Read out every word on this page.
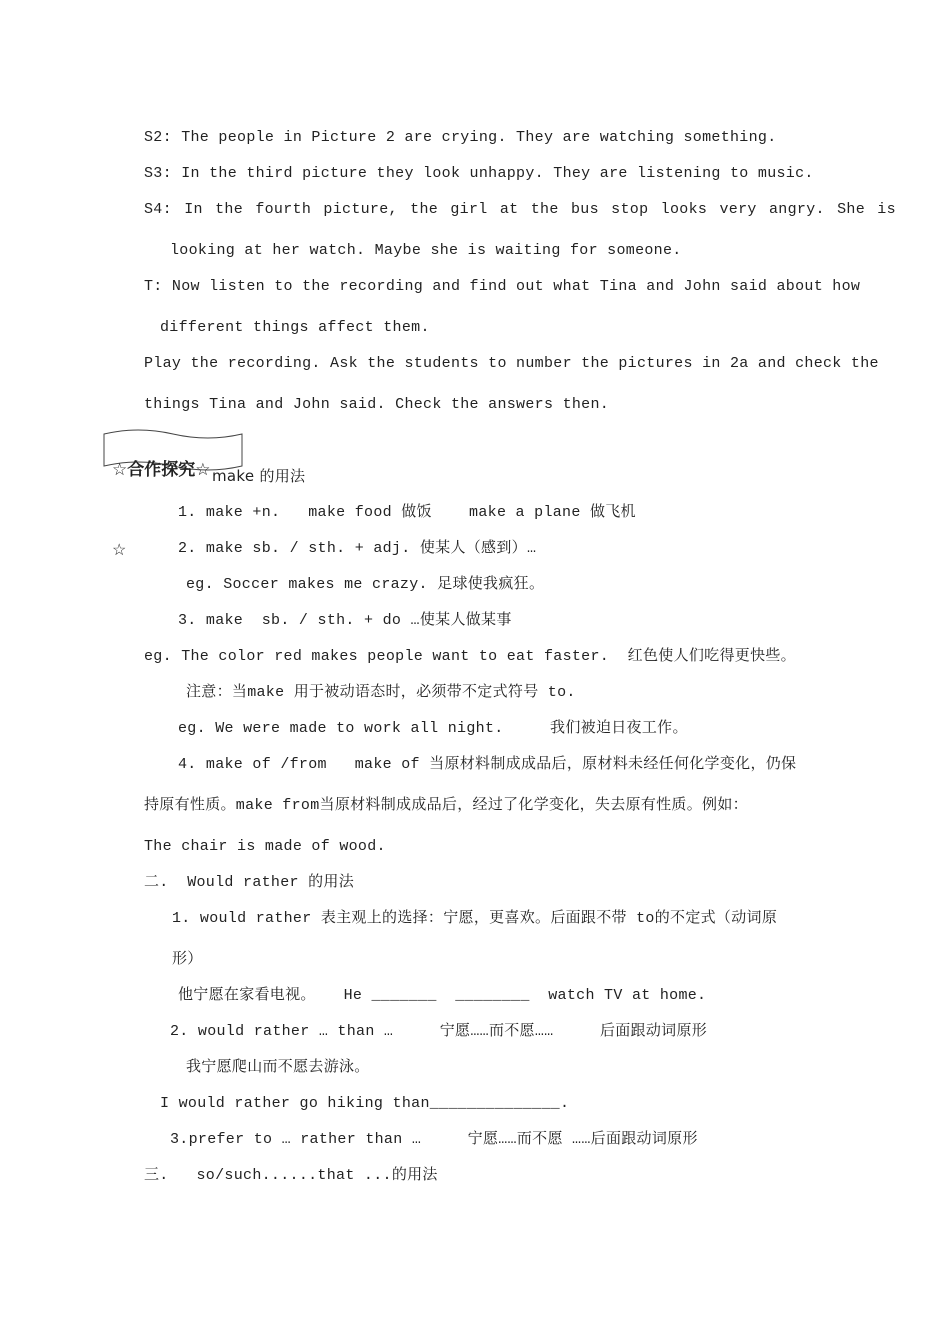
S2: The people in Picture 2 are crying. They are watching something.
S3: In the third picture they look unhappy. They are listening to music.
S4: In the fourth picture, the girl at the bus stop looks very angry. She is
looking at her watch. Maybe she is waiting for someone.
T: Now listen to the recording and find out what Tina and John said about how
different things affect them.
Play the recording. Ask the students to number the pictures in 2a and check the
things Tina and John said. Check the answers then.
☆合作探究☆ make 的用法
1. make +n.   make food 做饭    make a plane 做飞机
☆	2. make sb. / sth. + adj. 使某人（感到）…
eg. Soccer makes me crazy. 足球使我疯狂。
3. make  sb. / sth. + do …使某人做某事
eg. The color red makes people want to eat faster.  红色使人们吃得更快些。
注意：当make 用于被动语态时，必须带不定式符号 to.
eg. We were made to work all night.     我们被迫日夜工作。
4. make of /from   make of 当原材料制成成品后，原材料未经任何化学变化，仍保
持原有性质。make from当原材料制成成品后，经过了化学变化，失去原有性质。例如：
The chair is made of wood.
二.  Would rather 的用法
1. would rather 表主观上的选择：宁愿，更喜欢。后面跟不带 to的不定式（动词原
形）
他宁愿在家看电视。   He _______  ________  watch TV at home.
2. would rather … than …     宁愿……而不愿……     后面跟动词原形
我宁愿爬山而不愿去游泳。
I would rather go hiking than______________.
3.prefer to … rather than …     宁愿……而不愿 ……后面跟动词原形
三.   so/such......that ...的用法
